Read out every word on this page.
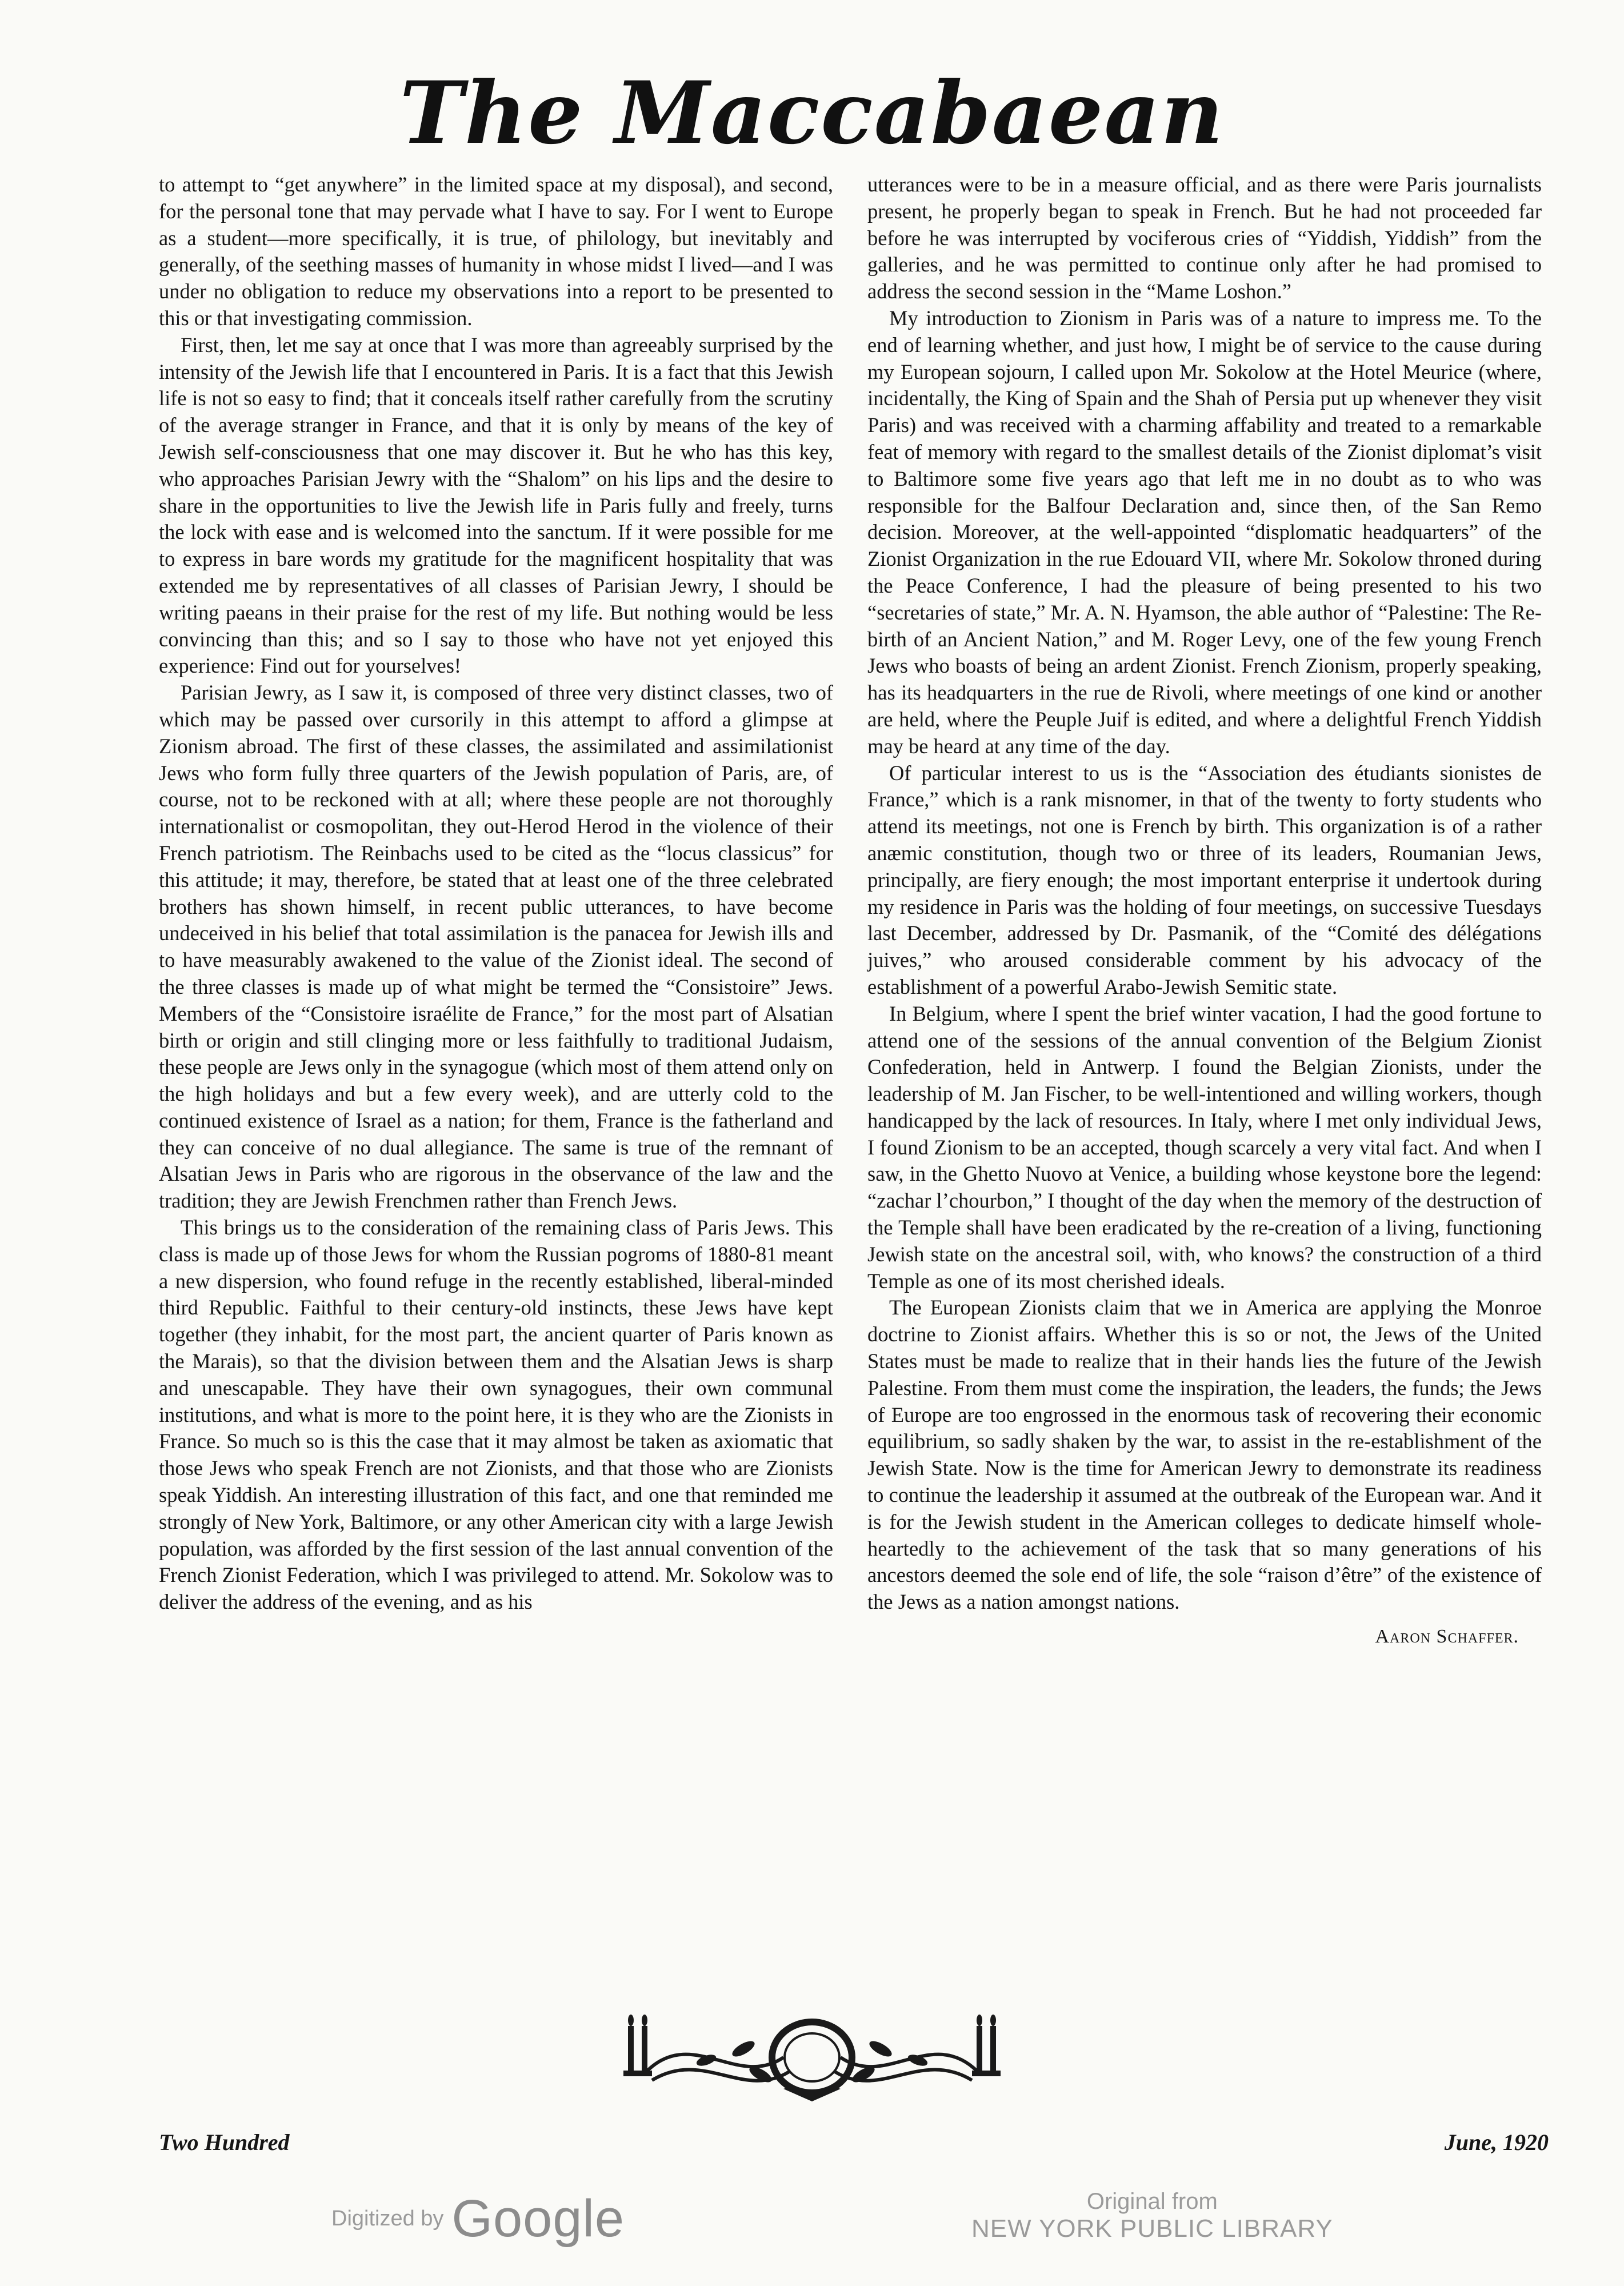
The Maccabaean

to attempt to “get anywhere” in the limited space at my disposal), and second, for the personal tone that may pervade what I have to say. For I went to Europe as a student—more specifically, it is true, of philology, but inevitably and generally, of the seething masses of humanity in whose midst I lived—and I was under no obligation to reduce my observations into a report to be presented to this or that investigating commission.

First, then, let me say at once that I was more than agreeably surprised by the intensity of the Jewish life that I encountered in Paris. It is a fact that this Jewish life is not so easy to find; that it conceals itself rather carefully from the scrutiny of the average stranger in France, and that it is only by means of the key of Jewish self-consciousness that one may discover it. But he who has this key, who approaches Parisian Jewry with the “Shalom” on his lips and the desire to share in the opportunities to live the Jewish life in Paris fully and freely, turns the lock with ease and is welcomed into the sanctum. If it were possible for me to express in bare words my gratitude for the magnificent hospitality that was extended me by representatives of all classes of Parisian Jewry, I should be writing paeans in their praise for the rest of my life. But nothing would be less convincing than this; and so I say to those who have not yet enjoyed this experience: Find out for yourselves!

Parisian Jewry, as I saw it, is composed of three very distinct classes, two of which may be passed over cursorily in this attempt to afford a glimpse at Zionism abroad. The first of these classes, the assimilated and assimilationist Jews who form fully three quarters of the Jewish population of Paris, are, of course, not to be reckoned with at all; where these people are not thoroughly internationalist or cosmopolitan, they out-Herod Herod in the violence of their French patriotism. The Reinbachs used to be cited as the “locus classicus” for this attitude; it may, therefore, be stated that at least one of the three celebrated brothers has shown himself, in recent public utterances, to have become undeceived in his belief that total assimilation is the panacea for Jewish ills and to have measurably awakened to the value of the Zionist ideal. The second of the three classes is made up of what might be termed the “Consistoire” Jews. Members of the “Consistoire israélite de France,” for the most part of Alsatian birth or origin and still clinging more or less faithfully to traditional Judaism, these people are Jews only in the synagogue (which most of them attend only on the high holidays and but a few every week), and are utterly cold to the continued existence of Israel as a nation; for them, France is the fatherland and they can conceive of no dual allegiance. The same is true of the remnant of Alsatian Jews in Paris who are rigorous in the observance of the law and the tradition; they are Jewish Frenchmen rather than French Jews.

This brings us to the consideration of the remaining class of Paris Jews. This class is made up of those Jews for whom the Russian pogroms of 1880-81 meant a new dispersion, who found refuge in the recently established, liberal-minded third Republic. Faithful to their century-old instincts, these Jews have kept together (they inhabit, for the most part, the ancient quarter of Paris known as the Marais), so that the division between them and the Alsatian Jews is sharp and unescapable. They have their own synagogues, their own communal institutions, and what is more to the point here, it is they who are the Zionists in France. So much so is this the case that it may almost be taken as axiomatic that those Jews who speak French are not Zionists, and that those who are Zionists speak Yiddish. An interesting illustration of this fact, and one that reminded me strongly of New York, Baltimore, or any other American city with a large Jewish population, was afforded by the first session of the last annual convention of the French Zionist Federation, which I was privileged to attend. Mr. Sokolow was to deliver the address of the evening, and as his

utterances were to be in a measure official, and as there were Paris journalists present, he properly began to speak in French. But he had not proceeded far before he was interrupted by vociferous cries of “Yiddish, Yiddish” from the galleries, and he was permitted to continue only after he had promised to address the second session in the “Mame Loshon.”

My introduction to Zionism in Paris was of a nature to impress me. To the end of learning whether, and just how, I might be of service to the cause during my European sojourn, I called upon Mr. Sokolow at the Hotel Meurice (where, incidentally, the King of Spain and the Shah of Persia put up whenever they visit Paris) and was received with a charming affability and treated to a remarkable feat of memory with regard to the smallest details of the Zionist diplomat’s visit to Baltimore some five years ago that left me in no doubt as to who was responsible for the Balfour Declaration and, since then, of the San Remo decision. Moreover, at the well-appointed “displomatic headquarters” of the Zionist Organization in the rue Edouard VII, where Mr. Sokolow throned during the Peace Conference, I had the pleasure of being presented to his two “secretaries of state,” Mr. A. N. Hyamson, the able author of “Palestine: The Re-birth of an Ancient Nation,” and M. Roger Levy, one of the few young French Jews who boasts of being an ardent Zionist. French Zionism, properly speaking, has its headquarters in the rue de Rivoli, where meetings of one kind or another are held, where the Peuple Juif is edited, and where a delightful French Yiddish may be heard at any time of the day.

Of particular interest to us is the “Association des étudiants sionistes de France,” which is a rank misnomer, in that of the twenty to forty students who attend its meetings, not one is French by birth. This organization is of a rather anæmic constitution, though two or three of its leaders, Roumanian Jews, principally, are fiery enough; the most important enterprise it undertook during my residence in Paris was the holding of four meetings, on successive Tuesdays last December, addressed by Dr. Pasmanik, of the “Comité des délégations juives,” who aroused considerable comment by his advocacy of the establishment of a powerful Arabo-Jewish Semitic state.

In Belgium, where I spent the brief winter vacation, I had the good fortune to attend one of the sessions of the annual convention of the Belgium Zionist Confederation, held in Antwerp. I found the Belgian Zionists, under the leadership of M. Jan Fischer, to be well-intentioned and willing workers, though handicapped by the lack of resources. In Italy, where I met only individual Jews, I found Zionism to be an accepted, though scarcely a very vital fact. And when I saw, in the Ghetto Nuovo at Venice, a building whose keystone bore the legend: “zachar l’chourbon,” I thought of the day when the memory of the destruction of the Temple shall have been eradicated by the re-creation of a living, functioning Jewish state on the ancestral soil, with, who knows? the construction of a third Temple as one of its most cherished ideals.

The European Zionists claim that we in America are applying the Monroe doctrine to Zionist affairs. Whether this is so or not, the Jews of the United States must be made to realize that in their hands lies the future of the Jewish Palestine. From them must come the inspiration, the leaders, the funds; the Jews of Europe are too engrossed in the enormous task of recovering their economic equilibrium, so sadly shaken by the war, to assist in the re-establishment of the Jewish State. Now is the time for American Jewry to demonstrate its readiness to continue the leadership it assumed at the outbreak of the European war. And it is for the Jewish student in the American colleges to dedicate himself whole-heartedly to the achievement of the task that so many generations of his ancestors deemed the sole end of life, the sole “raison d’être” of the existence of the Jews as a nation amongst nations.

Aaron Schaffer.
Two Hundred	June, 1920
Digitized by Google	Original from
NEW YORK PUBLIC LIBRARY
